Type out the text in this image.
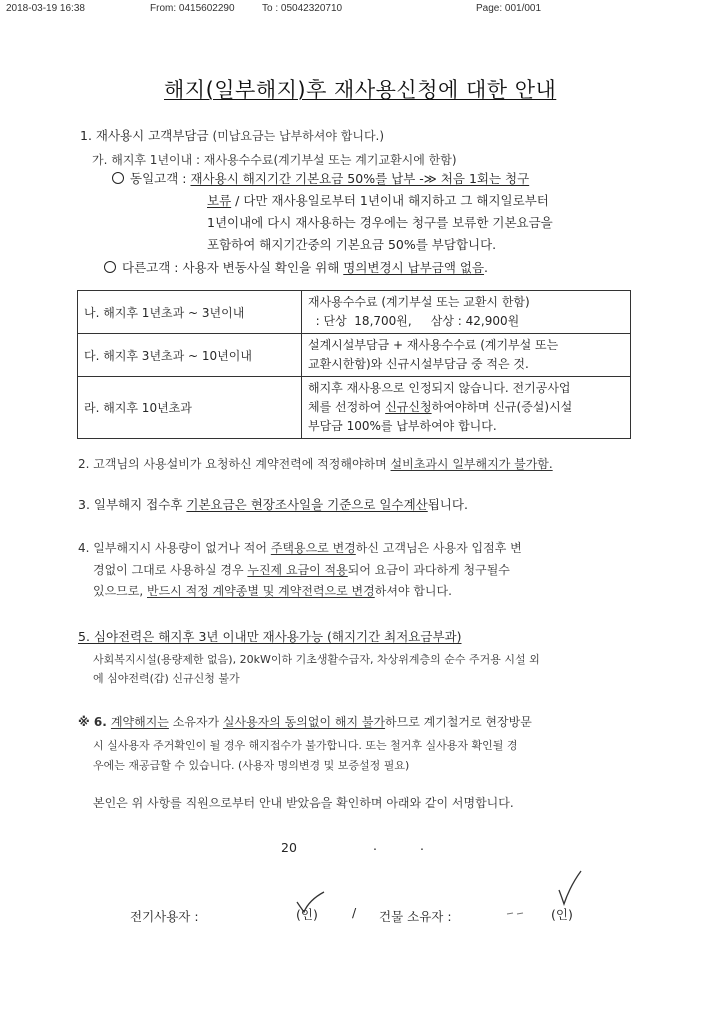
2018-03-19 16:38	From: 0415602290	To : 05042320710	Page: 001/001
해지(일부해지)후 재사용신청에 대한 안내
1. 재사용시 고객부담금 (미납요금는 납부하셔야 합니다.)
가. 해지후 1년이내 : 재사용수수료(계기부설 또는 계기교환시에 한함)
동일고객 : 재사용시 해지기간 기본요금 50%를 납부 -≫ 처음 1회는 청구
보류 / 다만 재사용일로부터 1년이내 해지하고 그 해지일로부터
1년이내에 다시 재사용하는 경우에는 청구를 보류한 기본요금을
포함하여 해지기간중의 기본요금 50%를 부담합니다.
다른고객 : 사용자 변동사실 확인을 위해 명의변경시 납부금액 없음.
나. 해지후 1년초과 ~ 3년이내	재사용수수료 (계기부설 또는 교환시 한함)
: 단상  18,700원,     삼상 : 42,900원

다. 해지후 3년초과 ~ 10년이내	설계시설부담금 + 재사용수수료 (계기부설 또는
교환시한함)와 신규시설부담금 중 적은 것.

라. 해지후 10년초과	해지후 재사용으로 인정되지 않습니다. 전기공사업
체를 선정하여 신규신청하여야하며 신규(증설)시설
부담금 100%를 납부하여야 합니다.
2. 고객님의 사용설비가 요청하신 계약전력에 적정해야하며 설비초과시 일부해지가 불가함.
3. 일부해지 접수후 기본요금은 현장조사일을 기준으로 일수계산됩니다.
4. 일부해지시 사용량이 없거나 적어 주택용으로 변경하신 고객님은 사용자 입점후 변
경없이 그대로 사용하실 경우 누진제 요금이 적용되어 요금이 과다하게 청구될수
있으므로, 반드시 적정 계약종별 및 계약전력으로 변경하셔야 합니다.
5. 심야전력은 해지후 3년 이내만 재사용가능 (해지기간 최저요금부과)
사회복지시설(용량제한 없음), 20kW이하 기초생활수급자, 차상위계층의 순수 주거용 시설 외
에 심야전력(갑) 신규신청 불가
※ 6. 계약해지는 소유자가 실사용자의 동의없이 해지 불가하므로 계기철거로 현장방문
시 실사용자 주거확인이 될 경우 해지접수가 불가합니다. 또는 철거후 실사용자 확인될 경
우에는 재공급할 수 있습니다. (사용자 명의변경 및 보증설정 필요)
본인은 위 사항를 직원으로부터 안내 받았음을 확인하며 아래와 같이 서명합니다.
20	.	.
전기사용자 :	(인)	/ 건물 소유자 :	(인)
